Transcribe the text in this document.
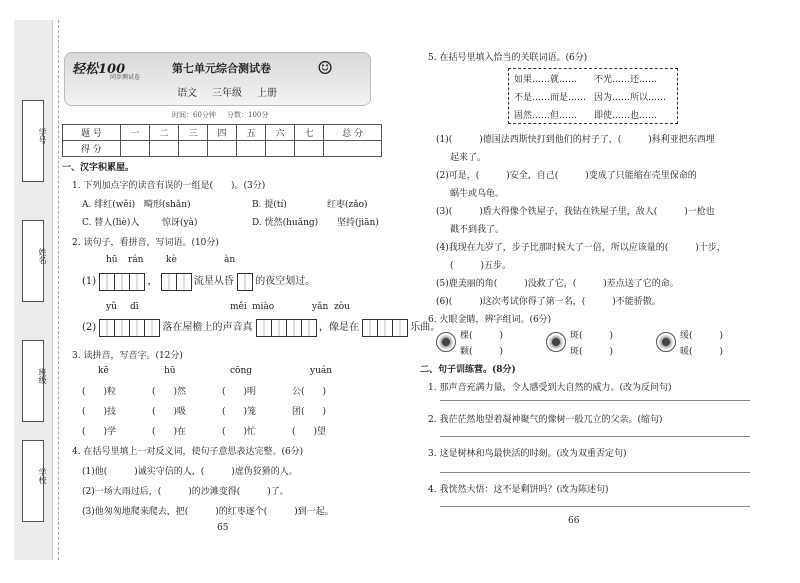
学号
姓名
班级
学校
轻松100
同步测试卷
第七单元综合测试卷
语文 三年级 上册
☺
时间：60分钟 分数：100分
题 号	一	二	三	四	五	六	七	总 分
得 分								
一、汉字积累屋。
1. 下列加点字的读音有误的一组是(　　)。(3分)
A. 绯红(wěi) 畸形(shǎn)	B. 提(tí)	红枣(zǎo)
C. 替人(liè)人	惊讶(yà)	D. 恍然(huǎng) 坚持(jiān)
2. 读句子，看拼音，写词语。(10分)
hū rán	kè	àn
(1)	，	流星从昏 的夜空划过。
yǔ dī	měi miào	yǎn zòu
(2)	落在屋檐上的声音真	，像是在	乐曲。
3. 读拼音，写音字。(12分)
kē	hū	cōng	yuán
(　　)粒	(　　)然	(　　)明	公(　　)
(　　)技	(　　)吸	(　　)笼	团(　　)
(　　)学	(　　)在	(　　)忙	(　　)望
4. 在括号里填上一对反义词，使句子意思表达完整。(6分)
(1)他(　　　)诚实守信的人，(　　　)虚伪狡猾的人。
(2)一场大雨过后，(　　　)的沙滩变得(　　　)了。
(3)他匆匆地爬来爬去，把(　　　)的红枣逐个(　　　)到一起。
65
5. 在括号里填入恰当的关联词语。(6分)
如果……就…… 不光……还……
不是……而是…… 因为……所以……
固然……但…… 即使……也……
(1)(　　　)德国法西斯快打到他们的村子了，(　　　)科利亚把东西埋
起来了。
(2)可是，(　　　)安全，自己(　　　)变成了只能缩在壳里保命的
蜗牛或乌龟。
(3)(　　　)盾大得像个铁屋子，我钻在铁屋子里，敌人(　　　)一枪也
戳不到我了。
(4)我现在九岁了，步子比那时候大了一倍，所以应该量的(　　　)十步，
(　　　)五步。
(5)鹿美丽的角(　　　)没救了它，(　　　)差点送了它的命。
(6)(　　　)这次考试你得了第一名，(　　　)不能骄傲。
6. 火眼金睛，辨字组词。(6分)
棵(　　　)
颗(　　　)
斑(　　　)
斑(　　　)
缓(　　　)
暖(　　　)
二、句子训练营。(8分)
1. 那声音充满力量，令人感受到大自然的威力。(改为反问句)
2. 我茫茫然地望着凝神聚气的像树一般兀立的父亲。(缩句)
3. 这是树林和鸟最快活的时刻。(改为双重否定句)
4. 我恍然大悟：这不是剩饼吗？(改为陈述句)
66
